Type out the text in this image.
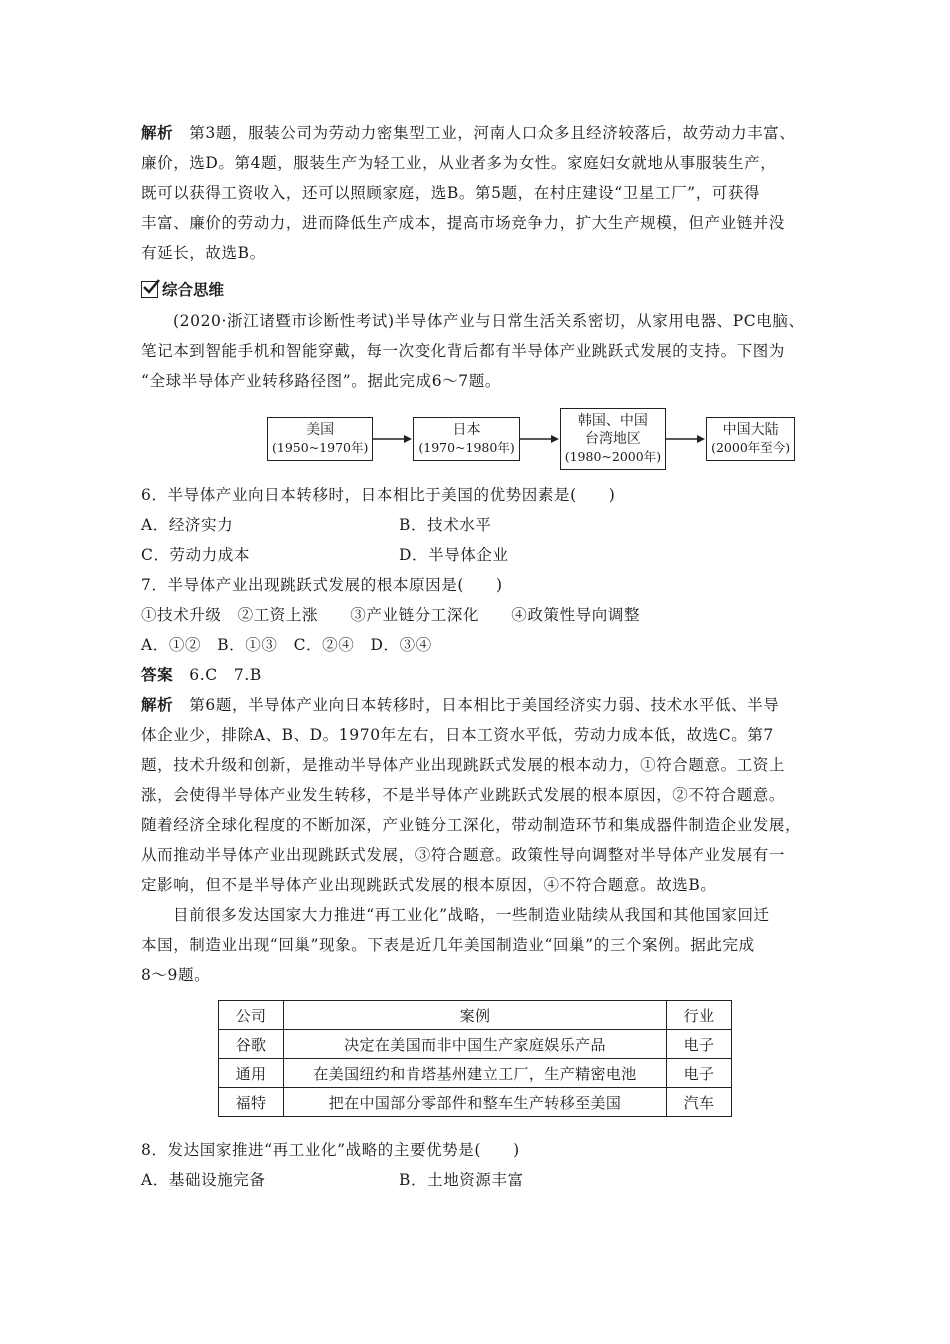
解析　第3题，服装公司为劳动力密集型工业，河南人口众多且经济较落后，故劳动力丰富、

廉价，选D。第4题，服装生产为轻工业，从业者多为女性。家庭妇女就地从事服装生产，

既可以获得工资收入，还可以照顾家庭，选B。第5题，在村庄建设“卫星工厂”，可获得

丰富、廉价的劳动力，进而降低生产成本，提高市场竞争力，扩大生产规模，但产业链并没

有延长，故选B。

综合思维

(2020·浙江诸暨市诊断性考试)半导体产业与日常生活关系密切，从家用电器、PC电脑、

笔记本到智能手机和智能穿戴，每一次变化背后都有半导体产业跳跃式发展的支持。下图为

“全球半导体产业转移路径图”。据此完成6～7题。

美国
(1950~1970年)
日本
(1970~1980年)
韩国、中国
台湾地区
(1980~2000年)
中国大陆
(2000年至今)

6．半导体产业向日本转移时，日本相比于美国的优势因素是( )

A．经济实力	B．技术水平
C．劳动力成本	D．半导体企业

7．半导体产业出现跳跃式发展的根本原因是( )

①技术升级　②工资上涨　　③产业链分工深化　　④政策性导向调整

A．①②　B．①③　C．②④　D．③④

答案　6.C　7.B

解析　第6题，半导体产业向日本转移时，日本相比于美国经济实力弱、技术水平低、半导

体企业少，排除A、B、D。1970年左右，日本工资水平低，劳动力成本低，故选C。第7

题，技术升级和创新，是推动半导体产业出现跳跃式发展的根本动力，①符合题意。工资上

涨，会使得半导体产业发生转移，不是半导体产业跳跃式发展的根本原因，②不符合题意。

随着经济全球化程度的不断加深，产业链分工深化，带动制造环节和集成器件制造企业发展，

从而推动半导体产业出现跳跃式发展，③符合题意。政策性导向调整对半导体产业发展有一

定影响，但不是半导体产业出现跳跃式发展的根本原因，④不符合题意。故选B。

目前很多发达国家大力推进“再工业化”战略，一些制造业陆续从我国和其他国家回迁

本国，制造业出现“回巢”现象。下表是近几年美国制造业“回巢”的三个案例。据此完成

8～9题。

公司	案例	行业
谷歌	决定在美国而非中国生产家庭娱乐产品	电子
通用	在美国纽约和肯塔基州建立工厂，生产精密电池	电子
福特	把在中国部分零部件和整车生产转移至美国	汽车

8．发达国家推进“再工业化”战略的主要优势是( )

A．基础设施完备	B．土地资源丰富
